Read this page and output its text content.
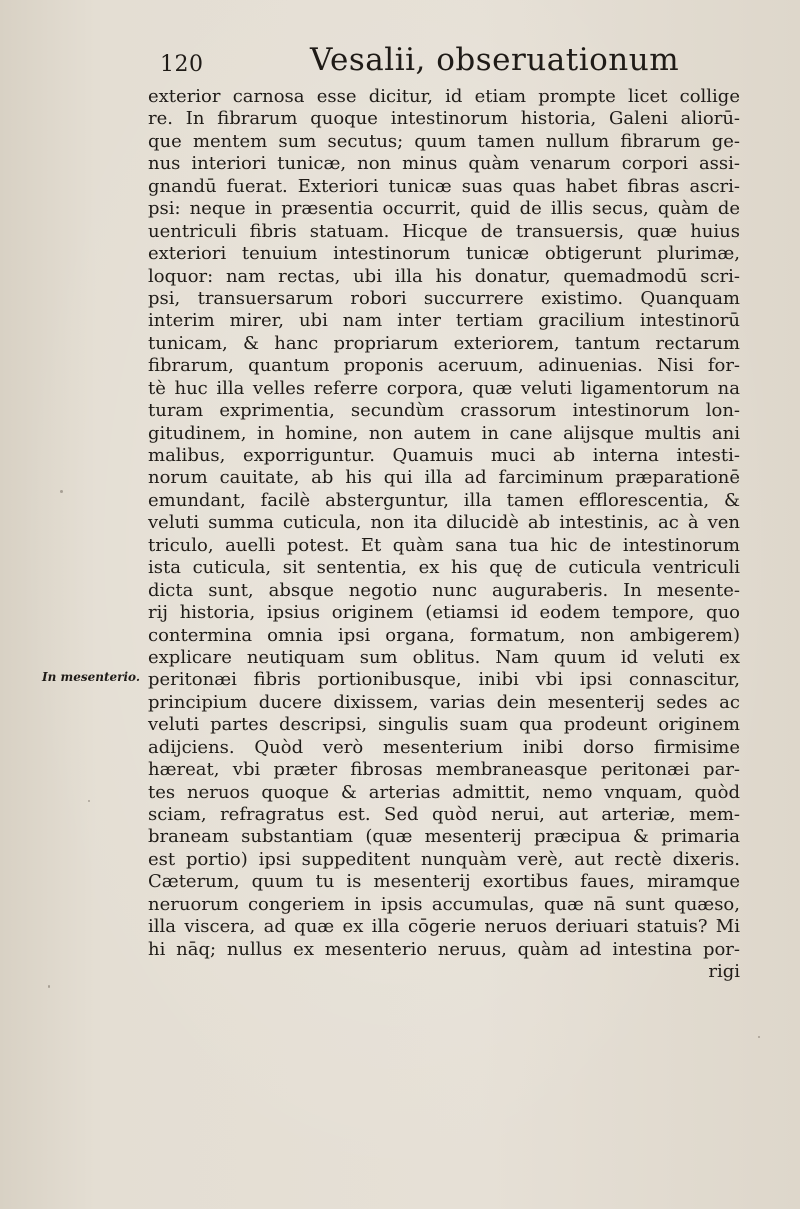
120	Vesalii, obseruationum
In mesenterio.
exterior carnosa esse dicitur, id etiam prompte licet collige
re. In fibrarum quoque intestinorum historia, Galeni aliorū-
que mentem sum secutus; quum tamen nullum fibrarum ge-
nus interiori tunicæ, non minus quàm venarum corpori assi-
gnandū fuerat. Exteriori tunicæ suas quas habet fibras ascri-
psi: neque in præsentia occurrit, quid de illis secus, quàm de
uentriculi fibris statuam. Hicque de transuersis, quæ huius
exteriori tenuium intestinorum tunicæ obtigerunt plurimæ,
loquor: nam rectas, ubi illa his donatur, quemadmodū scri-
psi, transuersarum robori succurrere existimo. Quanquam
interim mirer, ubi nam inter tertiam gracilium intestinorū
tunicam, & hanc propriarum exteriorem, tantum rectarum
fibrarum, quantum proponis aceruum, adinuenias. Nisi for-
tè huc illa velles referre corpora, quæ veluti ligamentorum na
turam exprimentia, secundùm crassorum intestinorum lon-
gitudinem, in homine, non autem in cane alijsque multis ani
malibus, exporriguntur. Quamuis muci ab interna intesti-
norum cauitate, ab his qui illa ad farciminum præparationē
emundant, facilè absterguntur, illa tamen efflorescentia, &
veluti summa cuticula, non ita dilucidè ab intestinis, ac à ven
triculo, auelli potest. Et quàm sana tua hic de intestinorum
ista cuticula, sit sententia, ex his quę de cuticula ventriculi
dicta sunt, absque negotio nunc auguraberis. In mesente-
rij historia, ipsius originem (etiamsi id eodem tempore, quo
contermina omnia ipsi organa, formatum, non ambigerem)
explicare neutiquam sum oblitus. Nam quum id veluti ex
peritonæi fibris portionibusque, inibi vbi ipsi connascitur,
principium ducere dixissem, varias dein mesenterij sedes ac
veluti partes descripsi, singulis suam qua prodeunt originem
adijciens. Quòd verò mesenterium inibi dorso firmisime
hæreat, vbi præter fibrosas membraneasque peritonæi par-
tes neruos quoque & arterias admittit, nemo vnquam, quòd
sciam, refragratus est. Sed quòd nerui, aut arteriæ, mem-
braneam substantiam (quæ mesenterij præcipua & primaria
est portio) ipsi suppeditent nunquàm verè, aut rectè dixeris.
Cæterum, quum tu is mesenterij exortibus faues, miramque
neruorum congeriem in ipsis accumulas, quæ nā sunt quæso,
illa viscera, ad quæ ex illa cōgerie neruos deriuari statuis? Mi
hi nāq; nullus ex mesenterio neruus, quàm ad intestina por-
rigi
